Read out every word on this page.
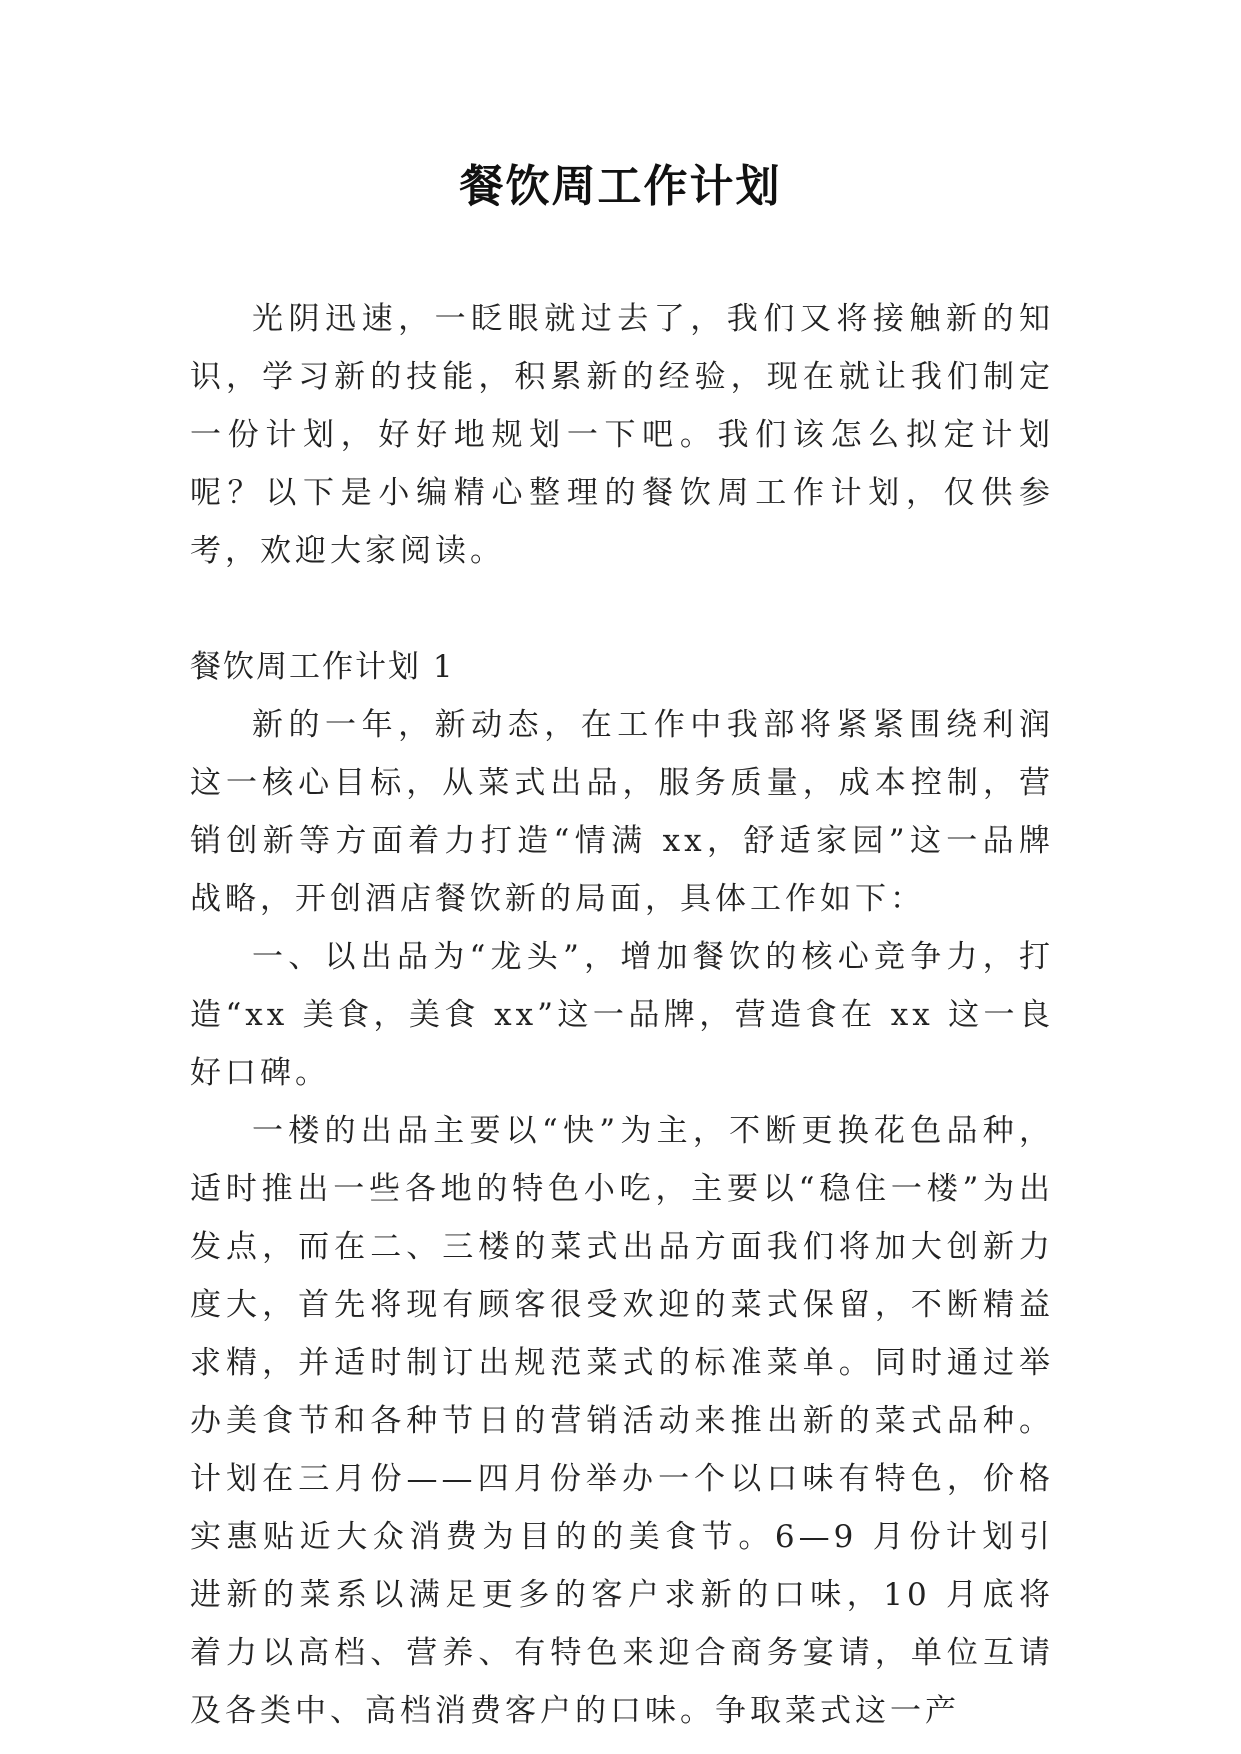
餐饮周工作计划

光阴迅速，一眨眼就过去了，我们又将接触新的知识，学习新的技能，积累新的经验，现在就让我们制定一份计划，好好地规划一下吧。我们该怎么拟定计划呢？以下是小编精心整理的餐饮周工作计划，仅供参考，欢迎大家阅读。

餐饮周工作计划 1

新的一年，新动态，在工作中我部将紧紧围绕利润这一核心目标，从菜式出品，服务质量，成本控制，营销创新等方面着力打造“情满 xx，舒适家园”这一品牌战略，开创酒店餐饮新的局面，具体工作如下：

一、以出品为“龙头”，增加餐饮的核心竞争力，打造“xx 美食，美食 xx”这一品牌，营造食在 xx 这一良好口碑。

一楼的出品主要以“快”为主，不断更换花色品种，适时推出一些各地的特色小吃，主要以“稳住一楼”为出发点，而在二、三楼的菜式出品方面我们将加大创新力度大，首先将现有顾客很受欢迎的菜式保留，不断精益求精，并适时制订出规范菜式的标准菜单。同时通过举办美食节和各种节日的营销活动来推出新的菜式品种。计划在三月份——四月份举办一个以口味有特色，价格实惠贴近大众消费为目的的美食节。6—9 月份计划引进新的菜系以满足更多的客户求新的口味，10 月底将着力以高档、营养、有特色来迎合商务宴请，单位互请及各类中、高档消费客户的口味。争取菜式这一产
